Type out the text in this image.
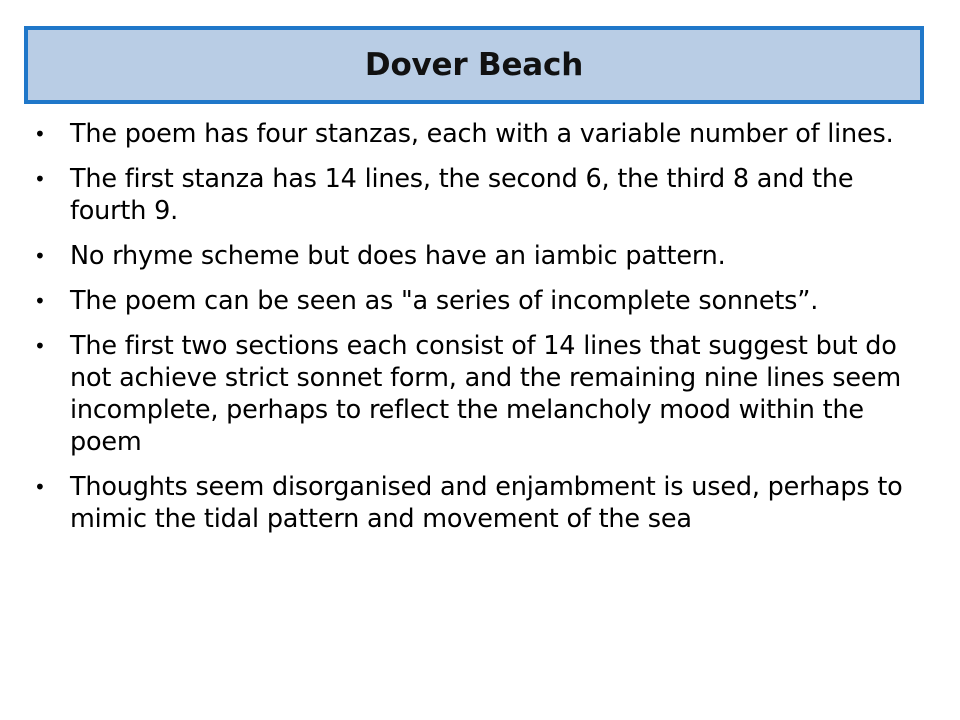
Dover Beach
• The poem has four stanzas, each with a variable number of lines.
• The first stanza has 14 lines, the second 6, the third 8 and the fourth 9.
• No rhyme scheme but does have an iambic pattern.
• The poem can be seen as "a series of incomplete sonnets”.
• The first two sections each consist of 14 lines that suggest but do not achieve strict sonnet form, and the remaining nine lines seem incomplete, perhaps to reflect the melancholy mood within the poem
• Thoughts seem disorganised and enjambment is used, perhaps to mimic the tidal pattern and movement of the sea
